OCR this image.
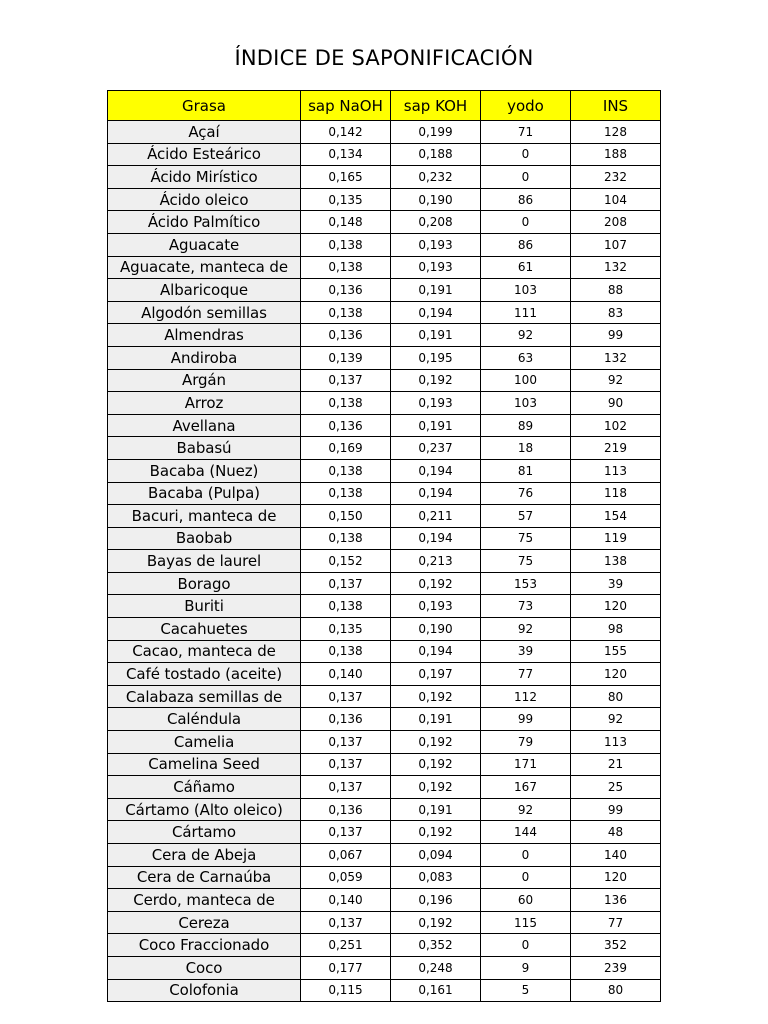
ÍNDICE DE SAPONIFICACIÓN
Grasa	sap NaOH	sap KOH	yodo	INS
Açaí	0,142	0,199	71	128
Ácido Esteárico	0,134	0,188	0	188
Ácido Mirístico	0,165	0,232	0	232
Ácido oleico	0,135	0,190	86	104
Ácido Palmítico	0,148	0,208	0	208
Aguacate	0,138	0,193	86	107
Aguacate, manteca de	0,138	0,193	61	132
Albaricoque	0,136	0,191	103	88
Algodón semillas	0,138	0,194	111	83
Almendras	0,136	0,191	92	99
Andiroba	0,139	0,195	63	132
Argán	0,137	0,192	100	92
Arroz	0,138	0,193	103	90
Avellana	0,136	0,191	89	102
Babasú	0,169	0,237	18	219
Bacaba (Nuez)	0,138	0,194	81	113
Bacaba (Pulpa)	0,138	0,194	76	118
Bacuri, manteca de	0,150	0,211	57	154
Baobab	0,138	0,194	75	119
Bayas de laurel	0,152	0,213	75	138
Borago	0,137	0,192	153	39
Buriti	0,138	0,193	73	120
Cacahuetes	0,135	0,190	92	98
Cacao, manteca de	0,138	0,194	39	155
Café tostado (aceite)	0,140	0,197	77	120
Calabaza semillas de	0,137	0,192	112	80
Caléndula	0,136	0,191	99	92
Camelia	0,137	0,192	79	113
Camelina Seed	0,137	0,192	171	21
Cáñamo	0,137	0,192	167	25
Cártamo (Alto oleico)	0,136	0,191	92	99
Cártamo	0,137	0,192	144	48
Cera de Abeja	0,067	0,094	0	140
Cera de Carnaúba	0,059	0,083	0	120
Cerdo, manteca de	0,140	0,196	60	136
Cereza	0,137	0,192	115	77
Coco Fraccionado	0,251	0,352	0	352
Coco	0,177	0,248	9	239
Colofonia	0,115	0,161	5	80
